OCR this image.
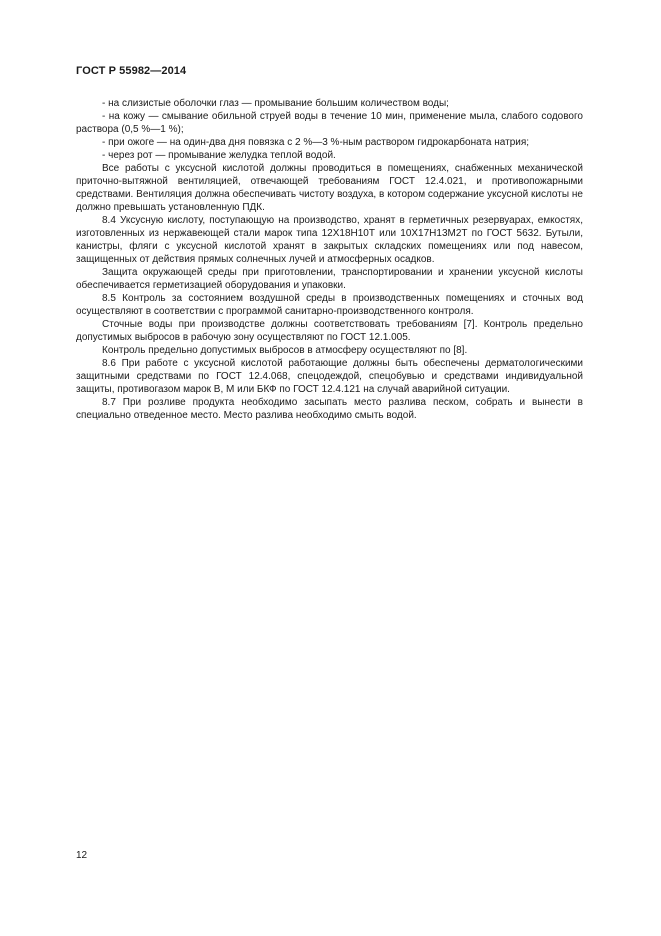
ГОСТ Р 55982—2014

- на слизистые оболочки глаз — промывание большим количеством воды;

- на кожу — смывание обильной струей воды в течение 10 мин, применение мыла, слабого содового раствора (0,5 %—1 %);

- при ожоге — на один-два дня повязка с 2 %—3 %-ным раствором гидрокарбоната натрия;

- через рот — промывание желудка теплой водой.

Все работы с уксусной кислотой должны проводиться в помещениях, снабженных механической приточно-вытяжной вентиляцией, отвечающей требованиям ГОСТ 12.4.021, и противопожарными средствами. Вентиляция должна обеспечивать чистоту воздуха, в котором содержание уксусной кислоты не должно превышать установленную ПДК.

8.4 Уксусную кислоту, поступающую на производство, хранят в герметичных резервуарах, емкостях, изготовленных из нержавеющей стали марок типа 12Х18Н10Т или 10Х17Н13М2Т по ГОСТ 5632. Бутыли, канистры, фляги с уксусной кислотой хранят в закрытых складских помещениях или под навесом, защищенных от действия прямых солнечных лучей и атмосферных осадков.

Защита окружающей среды при приготовлении, транспортировании и хранении уксусной кислоты обеспечивается герметизацией оборудования и упаковки.

8.5 Контроль за состоянием воздушной среды в производственных помещениях и сточных вод осуществляют в соответствии с программой санитарно-производственного контроля.

Сточные воды при производстве должны соответствовать требованиям [7]. Контроль предельно допустимых выбросов в рабочую зону осуществляют по ГОСТ 12.1.005.

Контроль предельно допустимых выбросов в атмосферу осуществляют по [8].

8.6 При работе с уксусной кислотой работающие должны быть обеспечены дерматологическими защитными средствами по ГОСТ 12.4.068, спецодеждой, спецобувью и средствами индивидуальной защиты, противогазом марок В, М или БКФ по ГОСТ 12.4.121 на случай аварийной ситуации.

8.7 При розливе продукта необходимо засыпать место разлива песком, собрать и вынести в специально отведенное место. Место разлива необходимо смыть водой.

12
